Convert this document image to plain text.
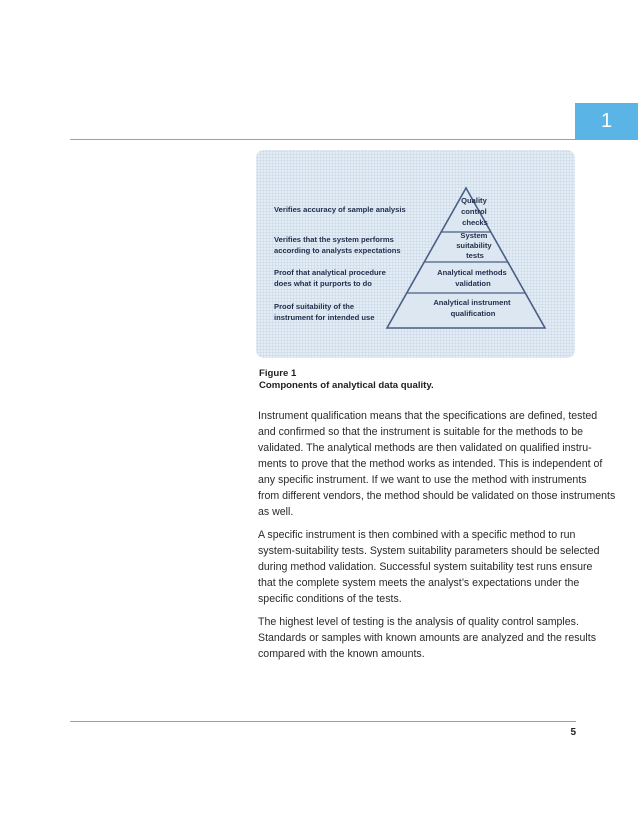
1
Quality control checks
System suitability tests
Analytical methods validation
Analytical instrument qualification
Verifies accuracy of sample analysis
Verifies that the system performs according to analysts expectations
Proof that analytical procedure does what it purports to do
Proof suitability of the instrument for intended use
Figure 1
Components of analytical data quality.

Instrument qualification means that the specifications are defined, tested
and confirmed so that the instrument is suitable for the methods to be
validated. The analytical methods are then validated on qualified instru-
ments to prove that the method works as intended. This is independent of
any specific instrument. If we want to use the method with instruments
from different vendors, the method should be validated on those instruments
as well.

A specific instrument is then combined with a specific method to run
system-suitability tests. System suitability parameters should be selected
during method validation. Successful system suitability test runs ensure
that the complete system meets the analyst’s expectations under the
specific conditions of the tests.

The highest level of testing is the analysis of quality control samples.
Standards or samples with known amounts are analyzed and the results
compared with the known amounts.

5
